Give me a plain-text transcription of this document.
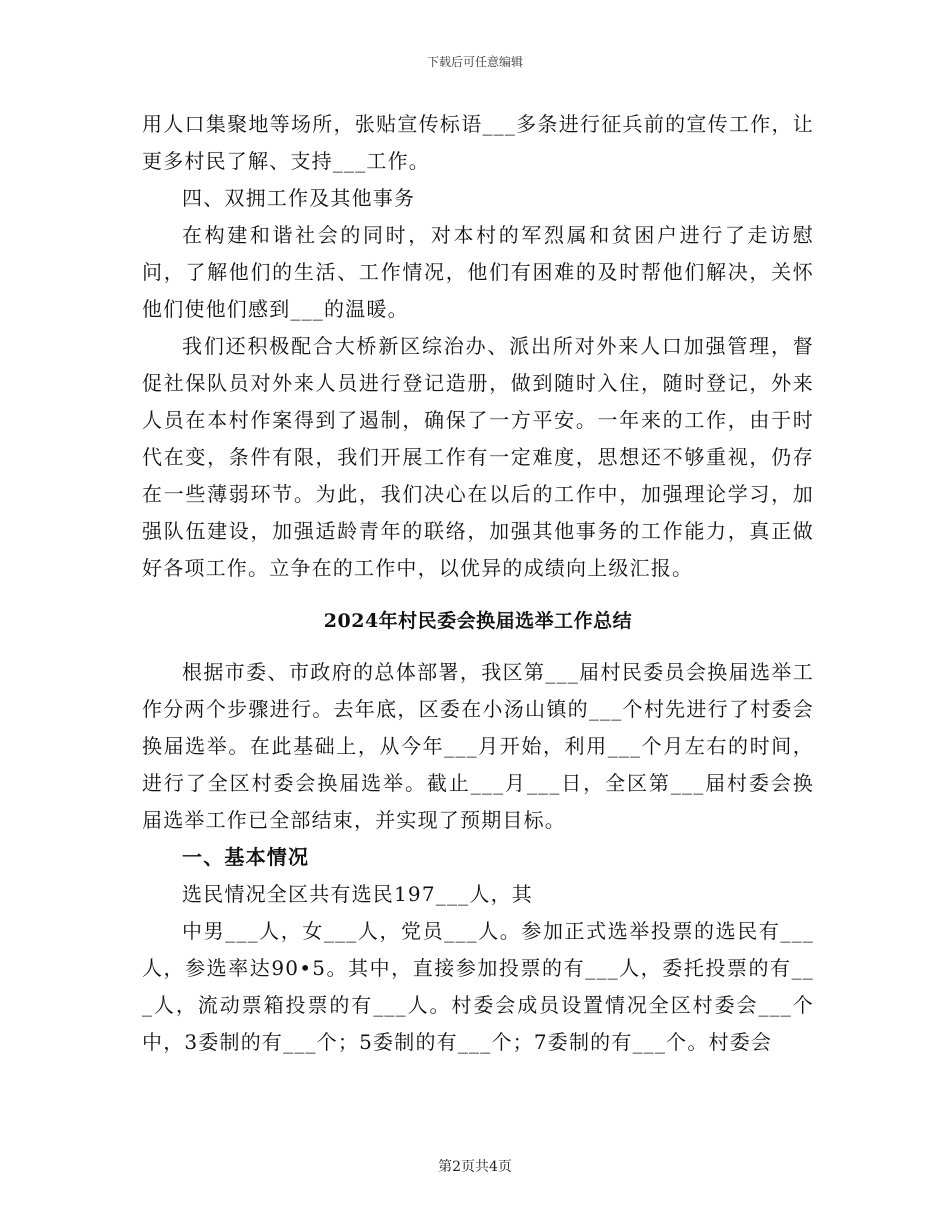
下载后可任意编辑

用人口集聚地等场所，张贴宣传标语___多条进行征兵前的宣传工作，让更多村民了解、支持___工作。

四、双拥工作及其他事务

在构建和谐社会的同时，对本村的军烈属和贫困户进行了走访慰问，了解他们的生活、工作情况，他们有困难的及时帮他们解决，关怀他们使他们感到___的温暖。

我们还积极配合大桥新区综治办、派出所对外来人口加强管理，督促社保队员对外来人员进行登记造册，做到随时入住，随时登记，外来人员在本村作案得到了遏制，确保了一方平安。一年来的工作，由于时代在变，条件有限，我们开展工作有一定难度，思想还不够重视，仍存在一些薄弱环节。为此，我们决心在以后的工作中，加强理论学习，加强队伍建设，加强适龄青年的联络，加强其他事务的工作能力，真正做好各项工作。立争在的工作中，以优异的成绩向上级汇报。

2024年村民委会换届选举工作总结

根据市委、市政府的总体部署，我区第___届村民委员会换届选举工作分两个步骤进行。去年底，区委在小汤山镇的___个村先进行了村委会换届选举。在此基础上，从今年___月开始，利用___个月左右的时间，进行了全区村委会换届选举。截止___月___日，全区第___届村委会换届选举工作已全部结束，并实现了预期目标。

一、基本情况

选民情况全区共有选民197___人，其

中男___人，女___人，党员___人。参加正式选举投票的选民有___人，参选率达90•5。其中，直接参加投票的有___人，委托投票的有___人，流动票箱投票的有___人。村委会成员设置情况全区村委会___个中，3委制的有___个；5委制的有___个；7委制的有___个。村委会

第2页共4页
